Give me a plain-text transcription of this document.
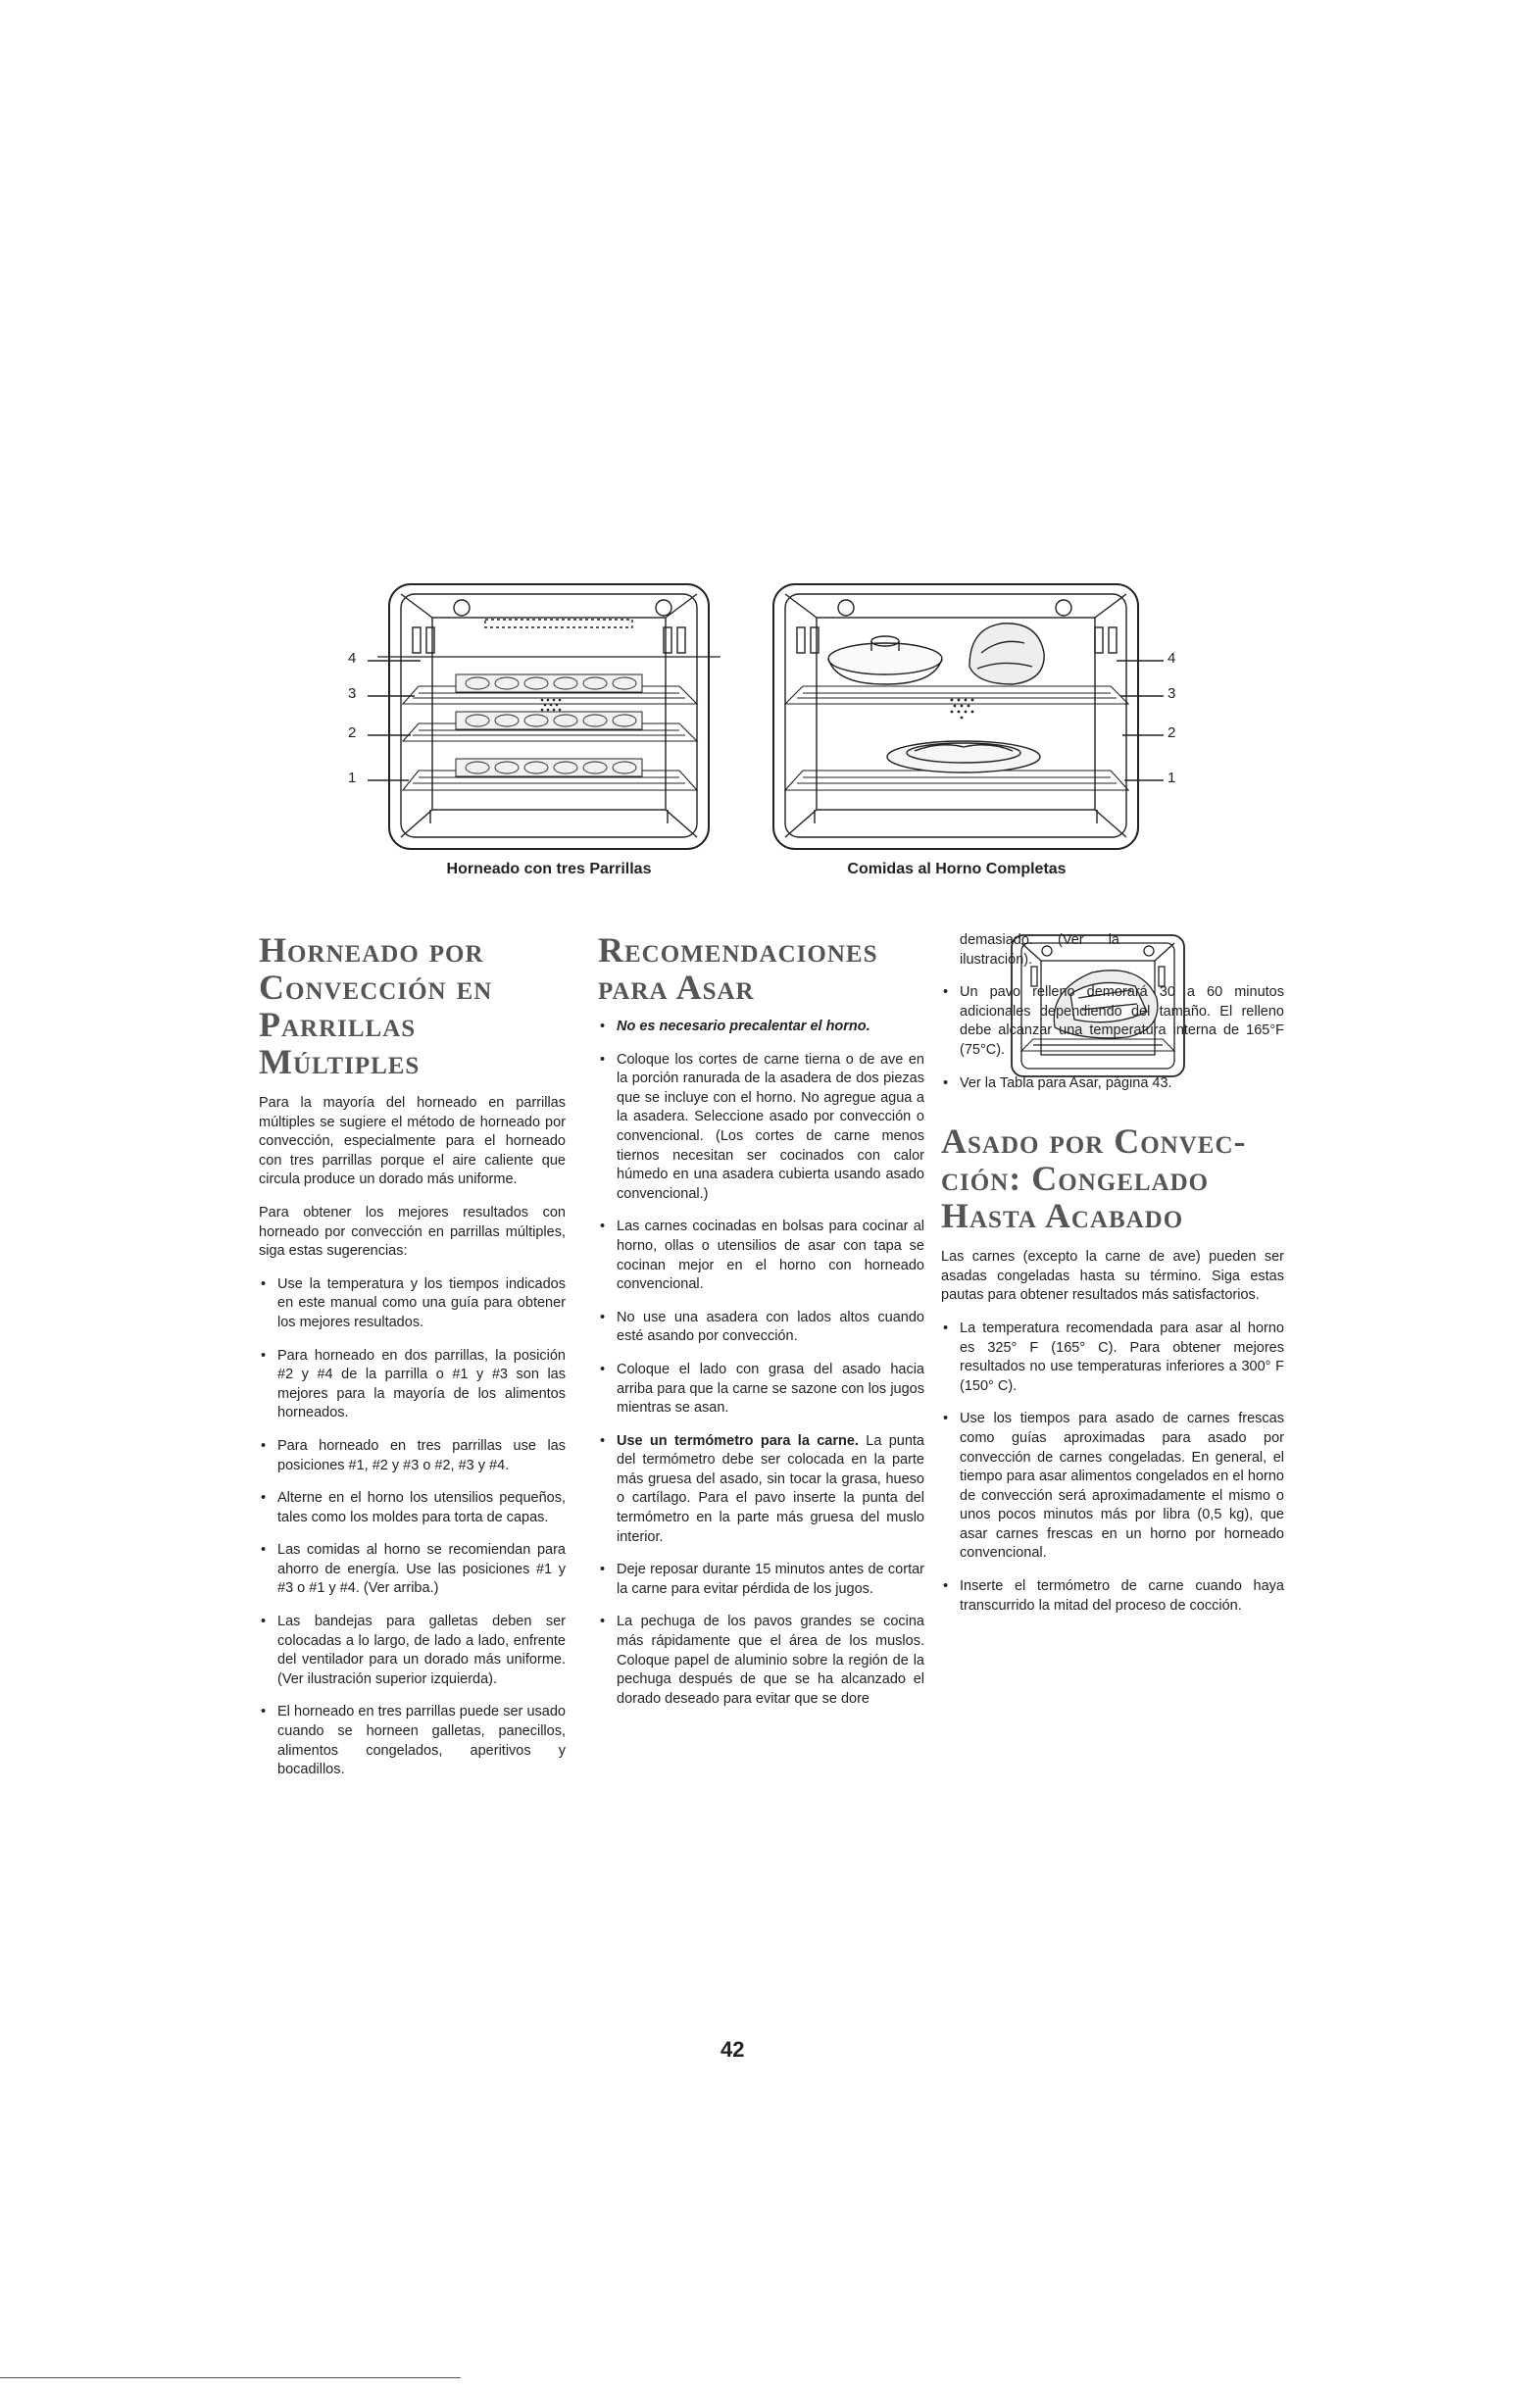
4
3
2
1
Horneado con tres Parrillas
4
3
2
1
Comidas al Horno Completas
Horneado por
Convección en
Parrillas Múltiples

Para la mayoría del horneado en parrillas múltiples se sugiere el método de horneado por convección, especialmente para el horneado con tres parrillas porque el aire caliente que circula produce un dorado más uniforme.

Para obtener los mejores resultados con horneado por convección en parrillas múltiples, siga estas sugerencias:

• Use la temperatura y los tiempos indicados en este manual como una guía para obtener los mejores resultados.
• Para horneado en dos parrillas, la posición #2 y #4 de la parrilla o #1 y #3 son las mejores para la mayoría de los alimentos horneados.
• Para horneado en tres parrillas use las posiciones #1, #2 y #3 o #2, #3 y #4.
• Alterne en el horno los utensilios pequeños, tales como los moldes para torta de capas.
• Las comidas al horno se recomiendan para ahorro de energía. Use las posiciones #1 y #3 o #1 y #4. (Ver arriba.)
• Las bandejas para galletas deben ser colocadas a lo largo, de lado a lado, enfrente del ventilador para un dorado más uniforme. (Ver ilustración superior izquierda).
• El horneado en tres parrillas puede ser usado cuando se horneen galletas, panecillos, alimentos congelados, aperitivos y bocadillos.
Recomendaciones
para Asar
• No es necesario precalentar el horno.
• Coloque los cortes de carne tierna o de ave en la porción ranurada de la asadera de dos piezas que se incluye con el horno. No agregue agua a la asadera. Seleccione asado por convección o convencional. (Los cortes de carne menos tiernos necesitan ser cocinados con calor húmedo en una asadera cubierta usando asado convencional.)
• Las carnes cocinadas en bolsas para cocinar al horno, ollas o utensilios de asar con tapa se cocinan mejor en el horno con horneado convencional.
• No use una asadera con lados altos cuando esté asando por convección.
• Coloque el lado con grasa del asado hacia arriba para que la carne se sazone con los jugos mientras se asan.
• Use un termómetro para la carne. La punta del termómetro debe ser colocada en la parte más gruesa del asado, sin tocar la grasa, hueso o cartílago. Para el pavo inserte la punta del termómetro en la parte más gruesa del muslo interior.
• Deje reposar durante 15 minutos antes de cortar la carne para evitar pérdida de los jugos.
• La pechuga de los pavos grandes se cocina más rápidamente que el área de los muslos. Coloque papel de aluminio sobre la región de la pechuga después de que se ha alcanzado el dorado deseado para evitar que se dore

demasiado. (Ver la ilustración).

• Un pavo relleno demorará 30 a 60 minutos adicionales dependiendo del tamaño. El relleno debe alcanzar una temperatura interna de 165°F (75°C).
• Ver la Tabla para Asar, página 43.
Asado por Convec-
ción: Congelado
Hasta Acabado

Las carnes (excepto la carne de ave) pueden ser asadas congeladas hasta su término. Siga estas pautas para obtener resultados más satisfactorios.

• La temperatura recomendada para asar al horno es 325° F (165° C). Para obtener mejores resultados no use temperaturas inferiores a 300° F (150° C).
• Use los tiempos para asado de carnes frescas como guías aproximadas para asado por convección de carnes congeladas. En general, el tiempo para asar alimentos congelados en el horno de convección será aproximadamente el mismo o unos pocos minutos más por libra (0,5 kg), que asar carnes frescas en un horno por horneado convencional.
• Inserte el termómetro de carne cuando haya transcurrido la mitad del proceso de cocción.
42
